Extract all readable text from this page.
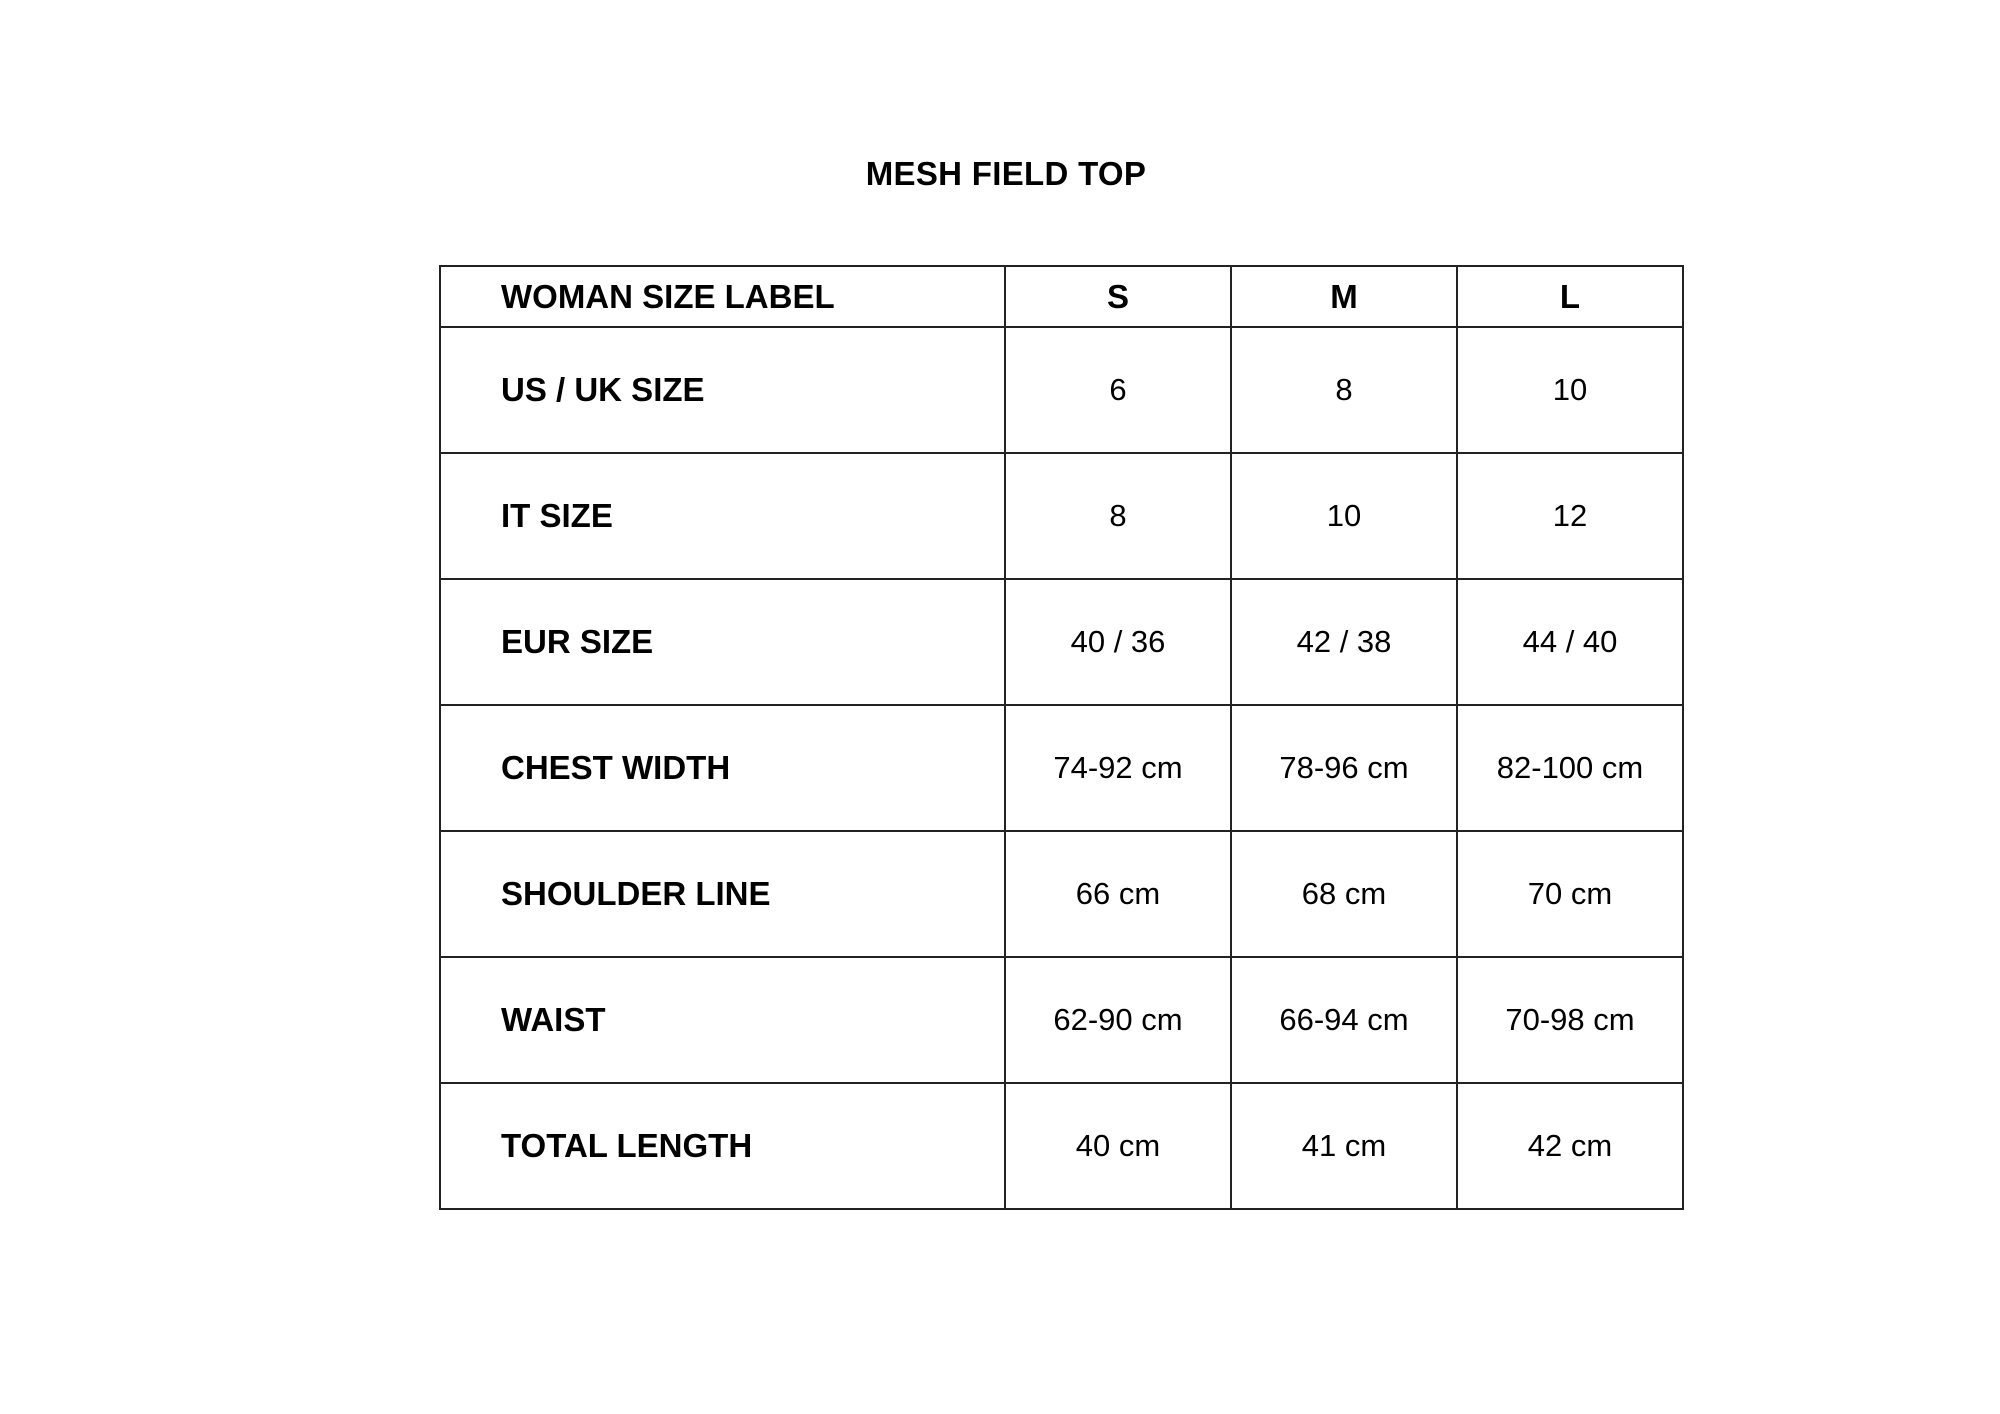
MESH FIELD TOP
WOMAN SIZE LABEL	S	M	L
US / UK SIZE	6	8	10
IT SIZE	8	10	12
EUR SIZE	40 / 36	42 / 38	44 / 40
CHEST WIDTH	74-92 cm	78-96 cm	82-100 cm
SHOULDER LINE	66 cm	68 cm	70 cm
WAIST	62-90 cm	66-94 cm	70-98 cm
TOTAL LENGTH	40 cm	41 cm	42 cm
